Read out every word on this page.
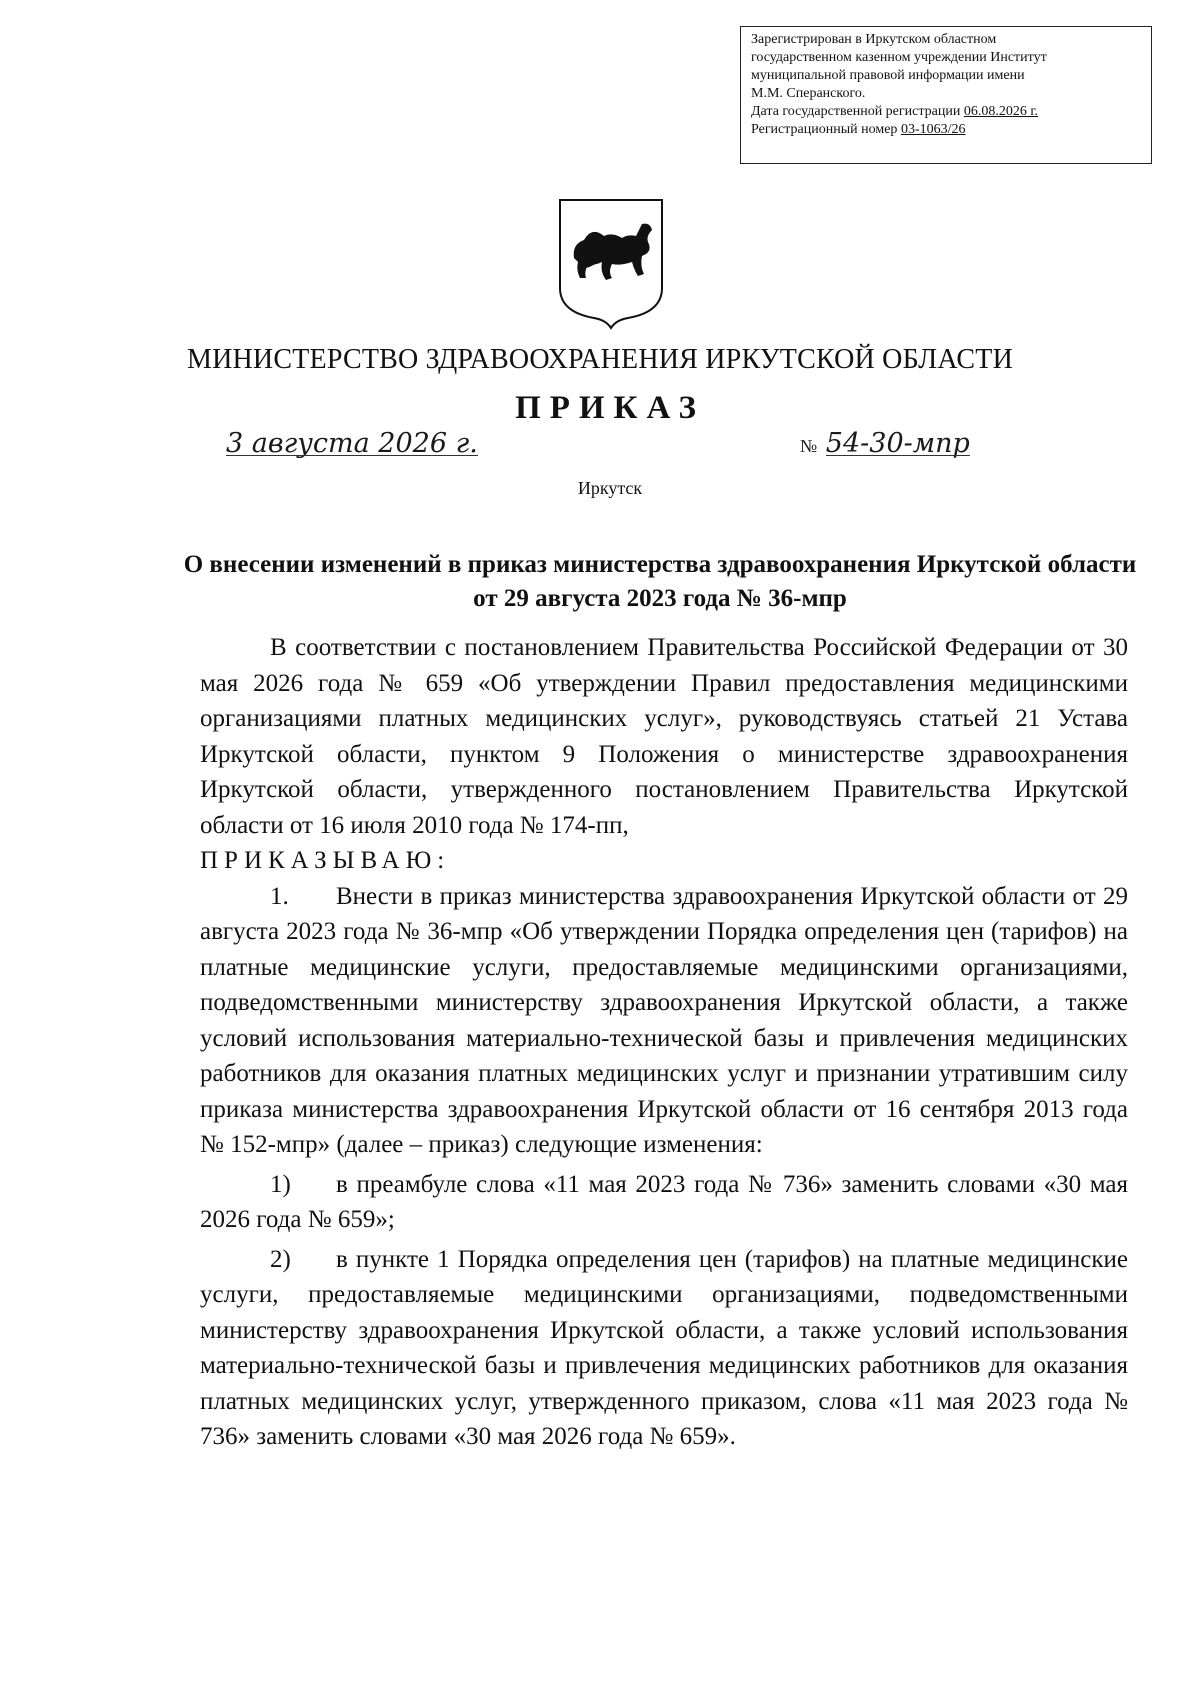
Зарегистрирован в Иркутском областном
государственном казенном учреждении Институт
муниципальной правовой информации имени
М.М. Сперанского.
Дата государственной регистрации 06.08.2026 г.
Регистрационный номер 03-1063/26
МИНИСТЕРСТВО ЗДРАВООХРАНЕНИЯ ИРКУТСКОЙ ОБЛАСТИ
ПРИКАЗ
3 августа 2026 г.	№ 54-30-мпр
Иркутск
О внесении изменений в приказ министерства здравоохранения Иркутской области от 29 августа 2023 года № 36-мпр

В соответствии с постановлением Правительства Российской Федерации от 30 мая 2026 года № 659 «Об утверждении Правил предоставления медицинскими организациями платных медицинских услуг», руководствуясь статьей 21 Устава Иркутской области, пунктом 9 Положения о министерстве здравоохранения Иркутской области, утвержденного постановлением Правительства Иркутской области от 16 июля 2010 года № 174-пп,

ПРИКАЗЫВАЮ:

1. Внести в приказ министерства здравоохранения Иркутской области от 29 августа 2023 года № 36-мпр «Об утверждении Порядка определения цен (тарифов) на платные медицинские услуги, предоставляемые медицинскими организациями, подведомственными министерству здравоохранения Иркутской области, а также условий использования материально-технической базы и привлечения медицинских работников для оказания платных медицинских услуг и признании утратившим силу приказа министерства здравоохранения Иркутской области от 16 сентября 2013 года № 152-мпр» (далее – приказ) следующие изменения:

1) в преамбуле слова «11 мая 2023 года № 736» заменить словами «30 мая 2026 года № 659»;

2) в пункте 1 Порядка определения цен (тарифов) на платные медицинские услуги, предоставляемые медицинскими организациями, подведомственными министерству здравоохранения Иркутской области, а также условий использования материально-технической базы и привлечения медицинских работников для оказания платных медицинских услуг, утвержденного приказом, слова «11 мая 2023 года № 736» заменить словами «30 мая 2026 года № 659».
